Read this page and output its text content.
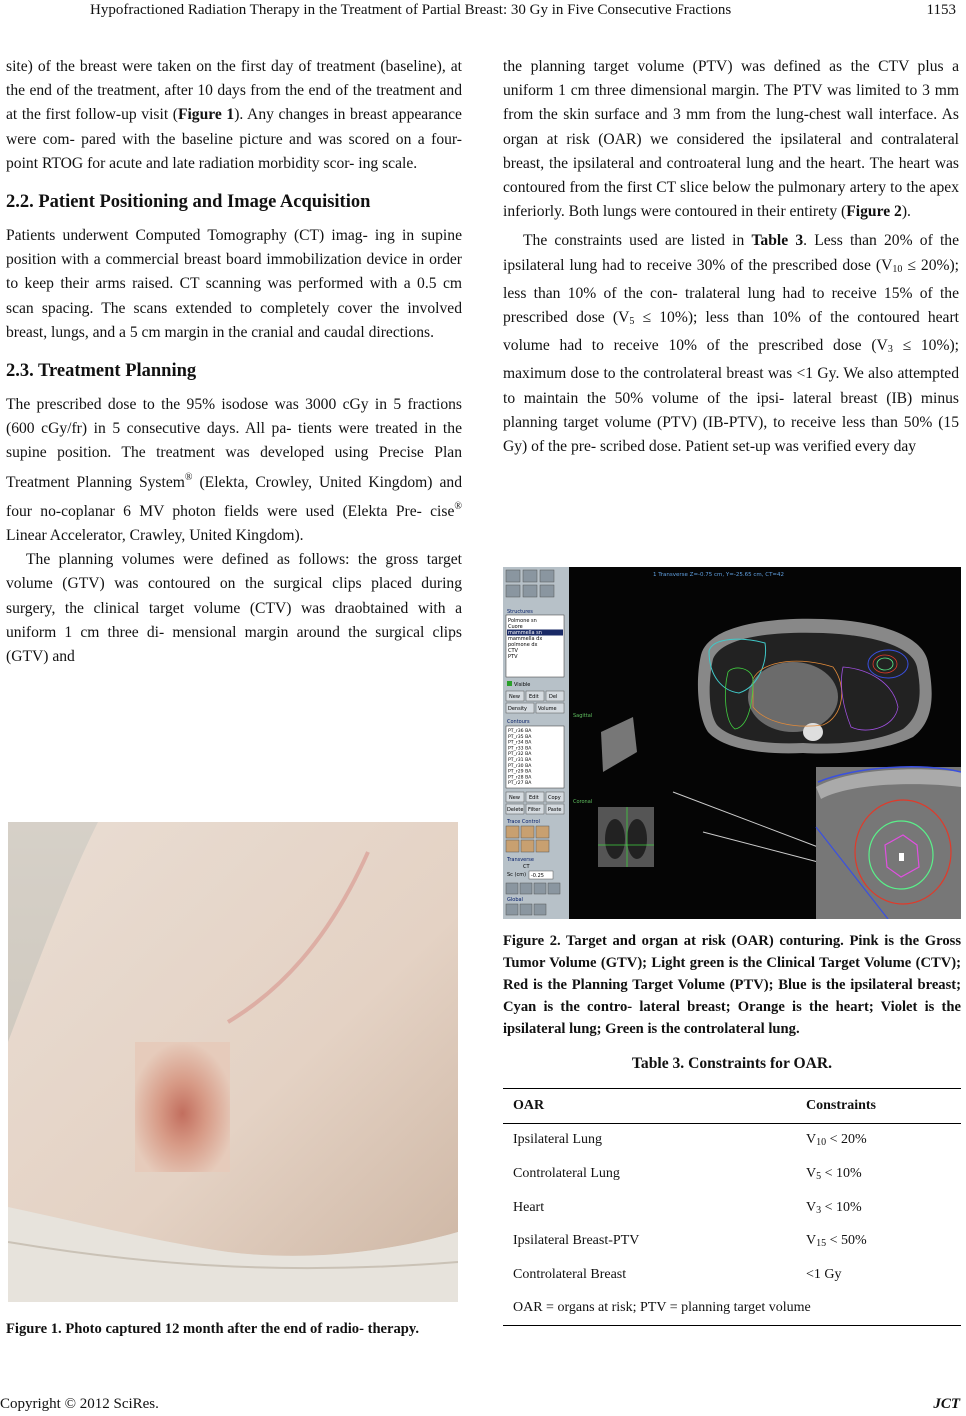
Hypofractioned Radiation Therapy in the Treatment of Partial Breast: 30 Gy in Five Consecutive Fractions	1153

site) of the breast were taken on the first day of treatment (baseline), at the end of the treatment, after 10 days from the end of the treatment and at the first follow-up visit (Figure 1). Any changes in breast appearance were com- pared with the baseline picture and was scored on a four- point RTOG for acute and late radiation morbidity scor- ing scale.

2.2. Patient Positioning and Image Acquisition

Patients underwent Computed Tomography (CT) imag- ing in supine position with a commercial breast board immobilization device in order to keep their arms raised. CT scanning was performed with a 0.5 cm scan spacing. The scans extended to completely cover the involved breast, lungs, and a 5 cm margin in the cranial and caudal directions.

2.3. Treatment Planning

The prescribed dose to the 95% isodose was 3000 cGy in 5 fractions (600 cGy/fr) in 5 consecutive days. All pa- tients were treated in the supine position. The treatment was developed using Precise Plan Treatment Planning System® (Elekta, Crowley, United Kingdom) and four no-coplanar 6 MV photon fields were used (Elekta Pre- cise® Linear Accelerator, Crawley, United Kingdom).

The planning volumes were defined as follows: the gross target volume (GTV) was contoured on the surgical clips placed during surgery, the clinical target volume (CTV) was draobtained with a uniform 1 cm three di- mensional margin around the surgical clips (GTV) and

Figure 1. Photo captured 12 month after the end of radio- therapy.

the planning target volume (PTV) was defined as the CTV plus a uniform 1 cm three dimensional margin. The PTV was limited to 3 mm from the skin surface and 3 mm from the lung-chest wall interface. As organ at risk (OAR) we considered the ipsilateral and contralateral breast, the ipsilateral and controateral lung and the heart. The heart was contoured from the first CT slice below the pulmonary artery to the apex inferiorly. Both lungs were contoured in their entirety (Figure 2).

The constraints used are listed in Table 3. Less than 20% of the ipsilateral lung had to receive 30% of the prescribed dose $(V_{10} \le 20\%)$; less than 10% of the con- tralateral lung had to receive 15% of the prescribed dose $(V_5 \le 10\%)$; less than 10% of the contoured heart volume had to receive 10% of the prescribed dose $(V_3 \le 10\%)$; maximum dose to the controlateral breast was <1 Gy. We also attempted to maintain the 50% volume of the ipsi- lateral breast (IB) minus planning target volume (PTV) (IB-PTV), to receive less than 50% (15 Gy) of the pre- scribed dose. Patient set-up was verified every day

Structures
Polmone sn
Cuore
mammella sn
mammella dx
polmone dx
CTV
PTV
Visible
New Edit Del
Density Volume
Contours
PT_r36 BA
PT_r35 BA
PT_r34 BA
PT_r33 BA
PT_r32 BA
PT_r31 BA
PT_r30 BA
PT_r29 BA
PT_r28 BA
PT_r27 BA
New Edit Copy
Delete Filter Paste
Trace Control
Transverse
CT
Sc (cm) -0.25
Global
1 Transverse Z=-0.75 cm, Y=-25.65 cm, CT=42
Sagittal
Coronal
Figure 2. Target and organ at risk (OAR) conturing. Pink is the Gross Tumor Volume (GTV); Light green is the Clinical Target Volume (CTV); Red is the Planning Target Volume (PTV); Blue is the ipsilateral breast; Cyan is the contro- lateral breast; Orange is the heart; Violet is the ipsilateral lung; Green is the controlateral lung.
Table 3. Constraints for OAR.
OAR	Constraints
Ipsilateral Lung	$V_{10} < 20\%$
Controlateral Lung	$V_5 < 10\%$
Heart	$V_3 < 10\%$
Ipsilateral Breast-PTV	$V_{15} < 50\%$
Controlateral Breast	<1 Gy
OAR = organs at risk; PTV = planning target volume	
Copyright © 2012 SciRes.	JCT
